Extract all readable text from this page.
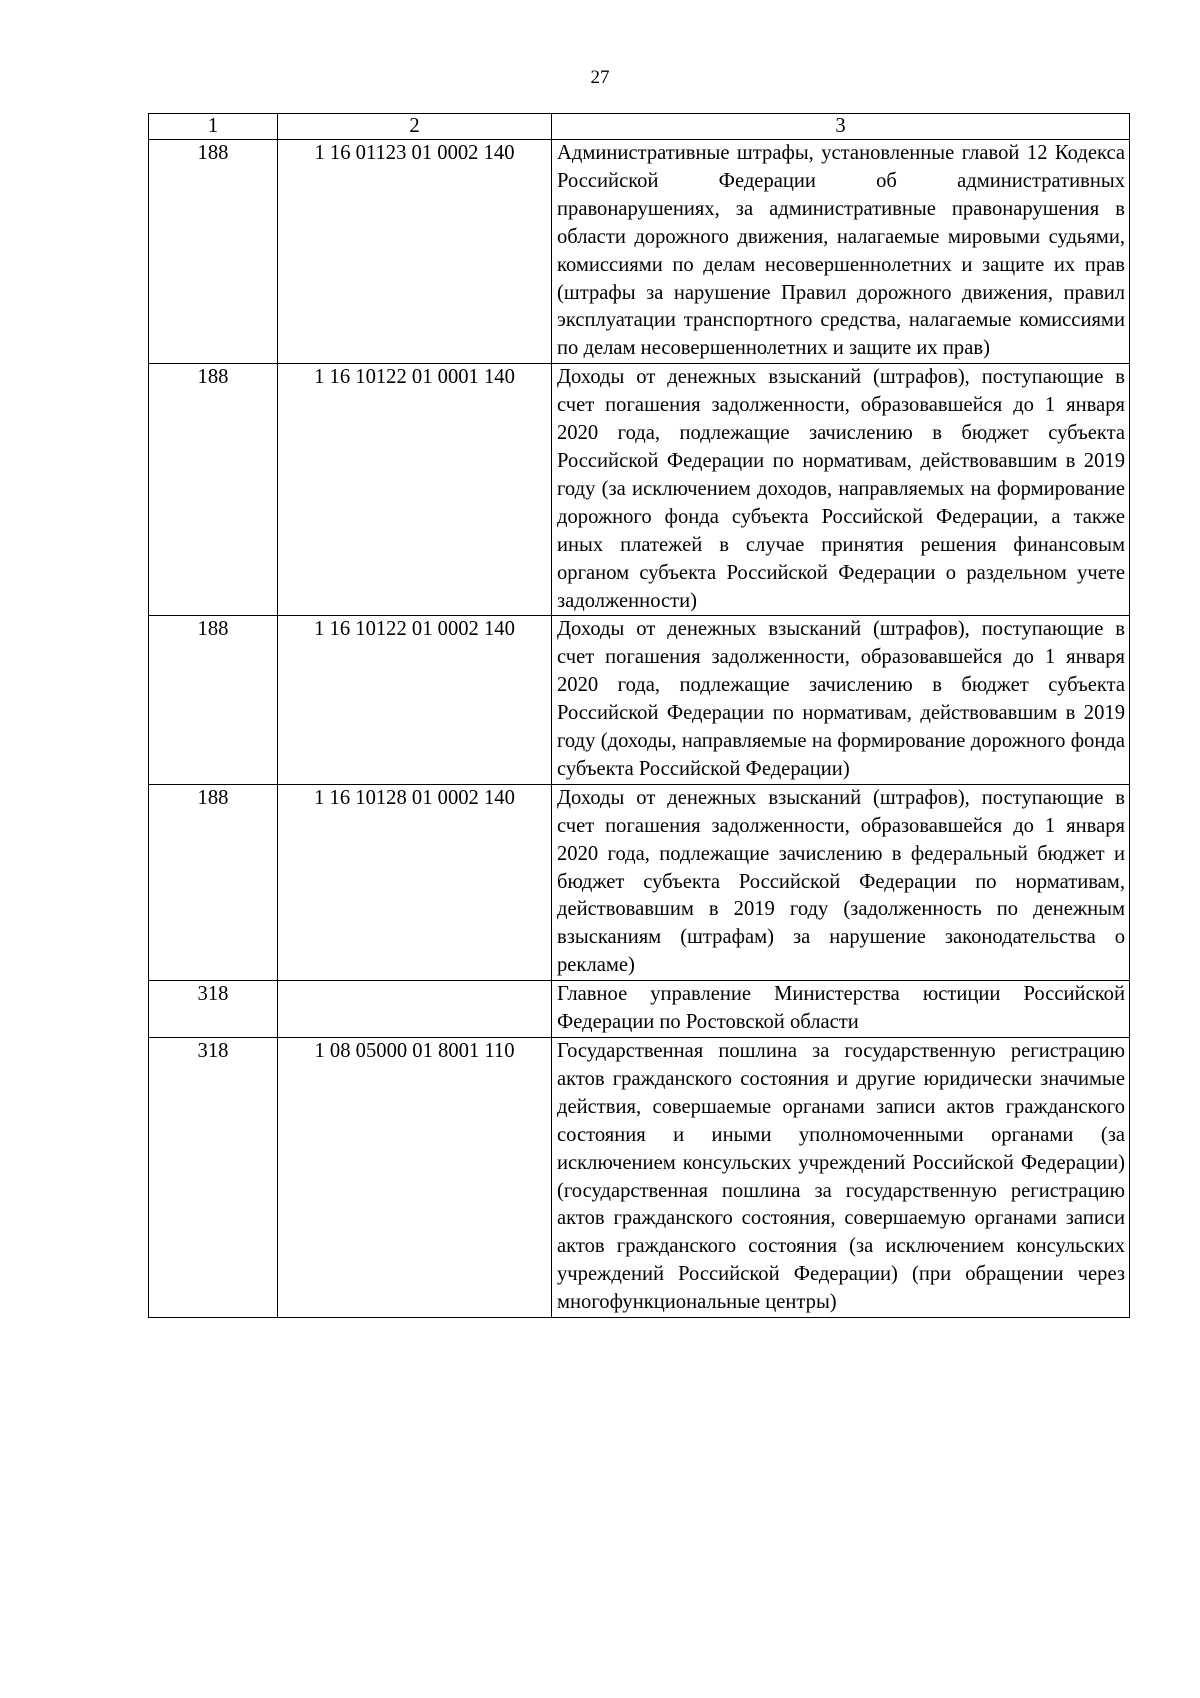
27
1	2	3
188	1 16 01123 01 0002 140	Административные штрафы, установленные главой 12 Кодекса Российской Федерации об административных правонарушениях, за административные правонарушения в области дорожного движения, налагаемые мировыми судьями, комиссиями по делам несовершеннолетних и защите их прав (штрафы за нарушение Правил дорожного движения, правил эксплуатации транспортного средства, налагаемые комиссиями по делам несовершеннолетних и защите их прав)
188	1 16 10122 01 0001 140	Доходы от денежных взысканий (штрафов), поступающие в счет погашения задолженности, образовавшейся до 1 января 2020 года, подлежащие зачислению в бюджет субъекта Российской Федерации по нормативам, действовавшим в 2019 году (за исключением доходов, направляемых на формирование дорожного фонда субъекта Российской Федерации, а также иных платежей в случае принятия решения финансовым органом субъекта Российской Федерации о раздельном учете задолженности)
188	1 16 10122 01 0002 140	Доходы от денежных взысканий (штрафов), поступающие в счет погашения задолженности, образовавшейся до 1 января 2020 года, подлежащие зачислению в бюджет субъекта Российской Федерации по нормативам, действовавшим в 2019 году (доходы, направляемые на формирование дорожного фонда субъекта Российской Федерации)
188	1 16 10128 01 0002 140	Доходы от денежных взысканий (штрафов), поступающие в счет погашения задолженности, образовавшейся до 1 января 2020 года, подлежащие зачислению в федеральный бюджет и бюджет субъекта Российской Федерации по нормативам, действовавшим в 2019 году (задолженность по денежным взысканиям (штрафам) за нарушение законодательства о рекламе)
318		Главное управление Министерства юстиции Российской Федерации по Ростовской области
318	1 08 05000 01 8001 110	Государственная пошлина за государственную регистрацию актов гражданского состояния и другие юридически значимые действия, совершаемые органами записи актов гражданского состояния и иными уполномоченными органами (за исключением консульских учреждений Российской Федерации) (государственная пошлина за государственную регистрацию актов гражданского состояния, совершаемую органами записи актов гражданского состояния (за исключением консульских учреждений Российской Федерации) (при обращении через многофункциональные центры)
